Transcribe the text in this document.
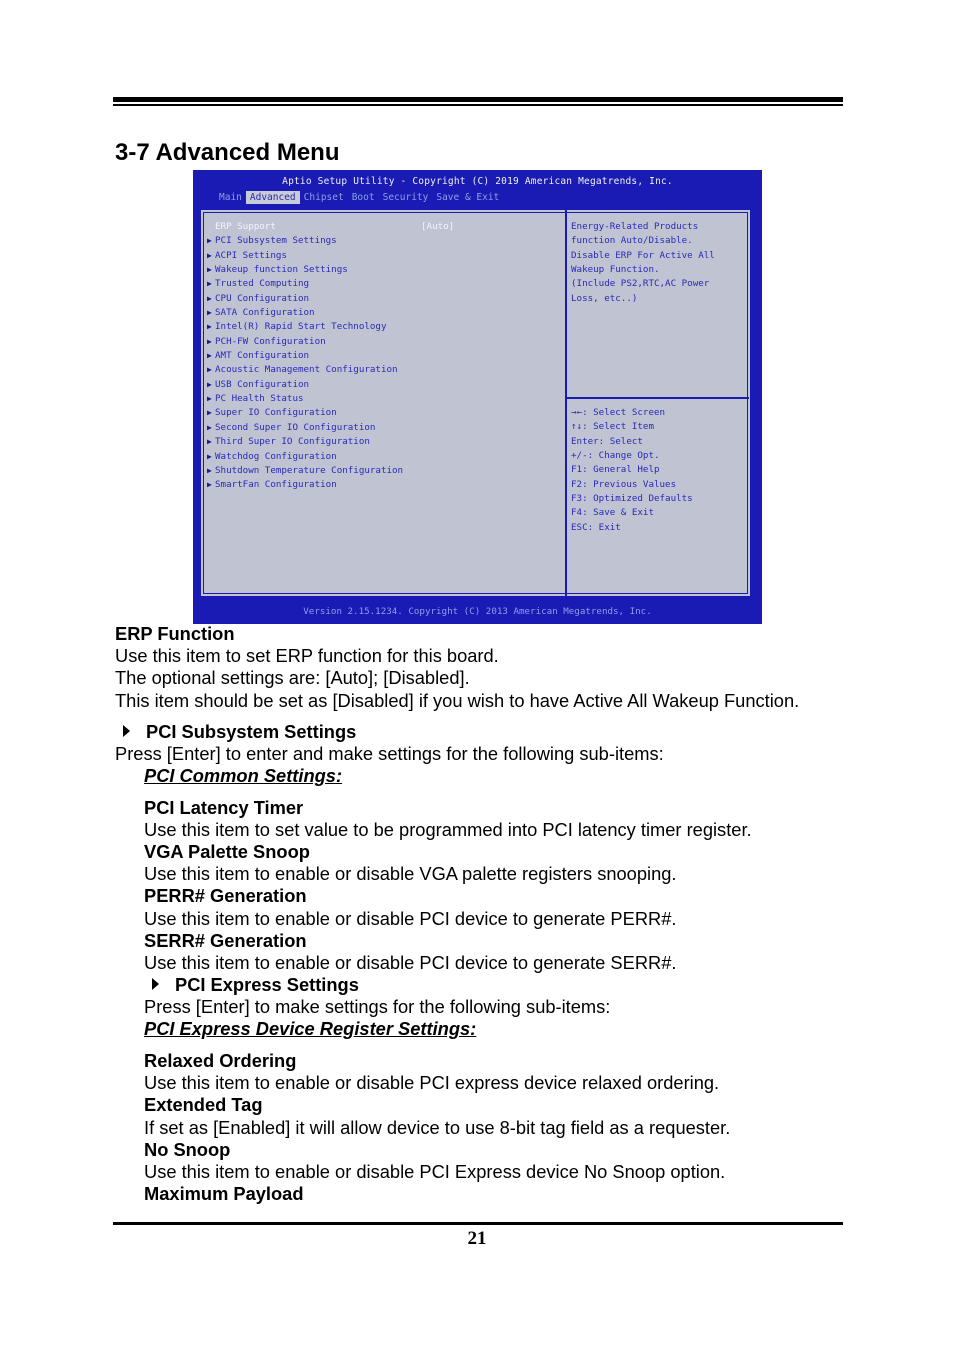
3-7 Advanced Menu
Aptio Setup Utility - Copyright (C) 2019 American Megatrends, Inc.
Main Advanced Chipset Boot Security Save & Exit
ERP Support	[Auto]
▶ PCI Subsystem Settings
▶ ACPI Settings
▶ Wakeup function Settings
▶ Trusted Computing
▶ CPU Configuration
▶ SATA Configuration
▶ Intel(R) Rapid Start Technology
▶ PCH-FW Configuration
▶ AMT Configuration
▶ Acoustic Management Configuration
▶ USB Configuration
▶ PC Health Status
▶ Super IO Configuration
▶ Second Super IO Configuration
▶ Third Super IO Configuration
▶ Watchdog Configuration
▶ Shutdown Temperature Configuration
▶ SmartFan Configuration
Energy-Related Products
function Auto/Disable.
Disable ERP For Active All
Wakeup Function.
(Include PS2,RTC,AC Power
Loss, etc..)
→←: Select Screen
↑↓: Select Item
Enter: Select
+/-: Change Opt.
F1: General Help
F2: Previous Values
F3: Optimized Defaults
F4: Save & Exit
ESC: Exit
Version 2.15.1234. Copyright (C) 2013 American Megatrends, Inc.
ERP Function
Use this item to set ERP function for this board.
The optional settings are: [Auto]; [Disabled].
This item should be set as [Disabled] if you wish to have Active All Wakeup Function.
PCI Subsystem Settings
Press [Enter] to enter and make settings for the following sub-items:
PCI Common Settings:
PCI Latency Timer
Use this item to set value to be programmed into PCI latency timer register.
VGA Palette Snoop
Use this item to enable or disable VGA palette registers snooping.
PERR# Generation
Use this item to enable or disable PCI device to generate PERR#.
SERR# Generation
Use this item to enable or disable PCI device to generate SERR#.
PCI Express Settings
Press [Enter] to make settings for the following sub-items:
PCI Express Device Register Settings:
Relaxed Ordering
Use this item to enable or disable PCI express device relaxed ordering.
Extended Tag
If set as [Enabled] it will allow device to use 8-bit tag field as a requester.
No Snoop
Use this item to enable or disable PCI Express device No Snoop option.
Maximum Payload
21
